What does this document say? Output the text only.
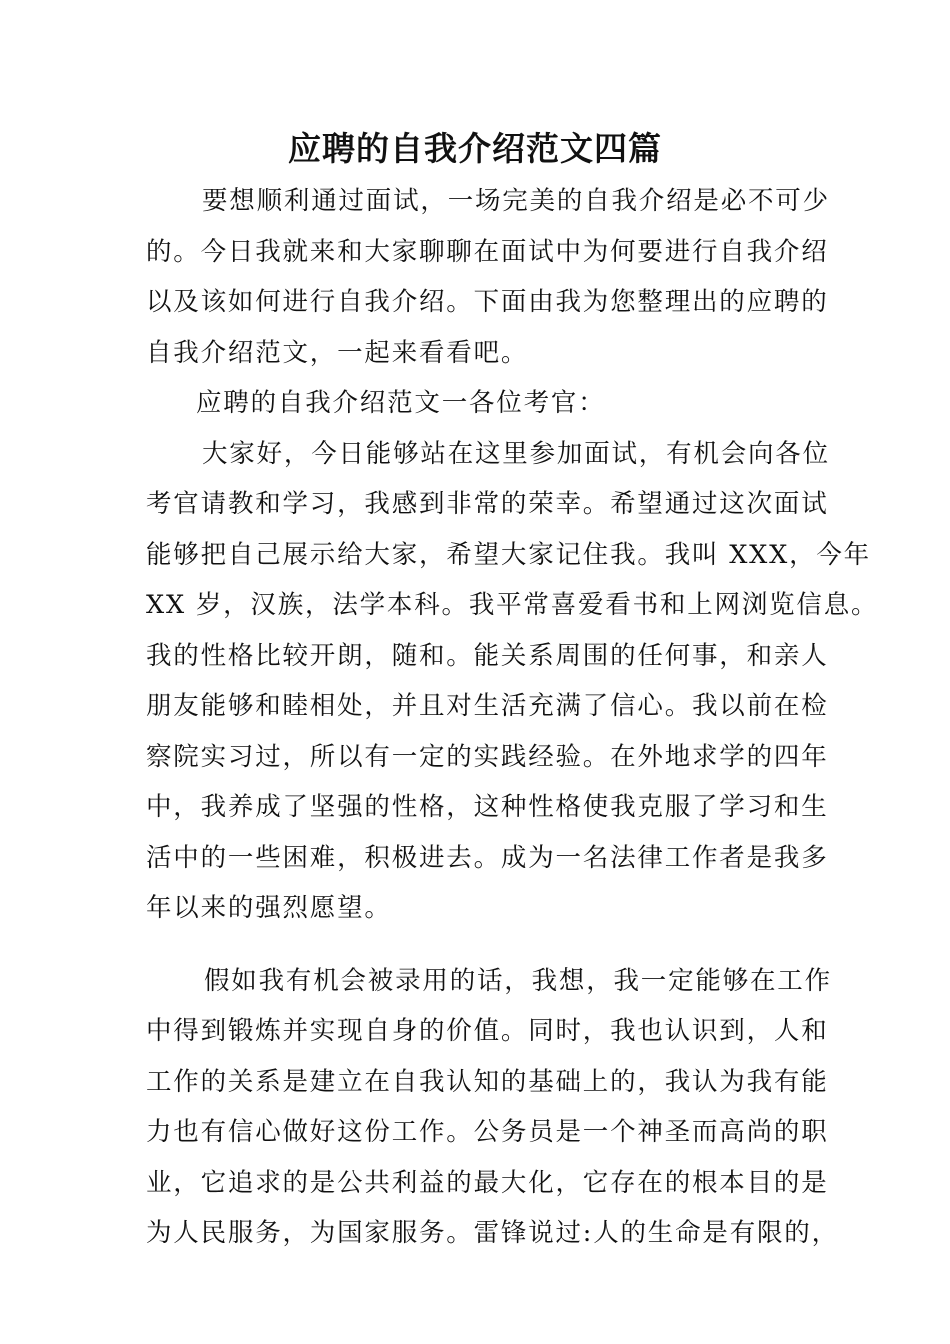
应聘的自我介绍范文四篇
要想顺利通过面试，一场完美的自我介绍是必不可少
的。今日我就来和大家聊聊在面试中为何要进行自我介绍
以及该如何进行自我介绍。下面由我为您整理出的应聘的
自我介绍范文，一起来看看吧。
应聘的自我介绍范文一各位考官：
大家好，今日能够站在这里参加面试，有机会向各位
考官请教和学习，我感到非常的荣幸。希望通过这次面试
能够把自己展示给大家，希望大家记住我。我叫 XXX，今年
XX 岁，汉族，法学本科。我平常喜爱看书和上网浏览信息。
我的性格比较开朗，随和。能关系周围的任何事，和亲人
朋友能够和睦相处，并且对生活充满了信心。我以前在检
察院实习过，所以有一定的实践经验。在外地求学的四年
中，我养成了坚强的性格，这种性格使我克服了学习和生
活中的一些困难，积极进去。成为一名法律工作者是我多
年以来的强烈愿望。
假如我有机会被录用的话，我想，我一定能够在工作
中得到锻炼并实现自身的价值。同时，我也认识到，人和
工作的关系是建立在自我认知的基础上的，我认为我有能
力也有信心做好这份工作。公务员是一个神圣而高尚的职
业，它追求的是公共利益的最大化，它存在的根本目的是
为人民服务，为国家服务。雷锋说过:人的生命是有限的，
